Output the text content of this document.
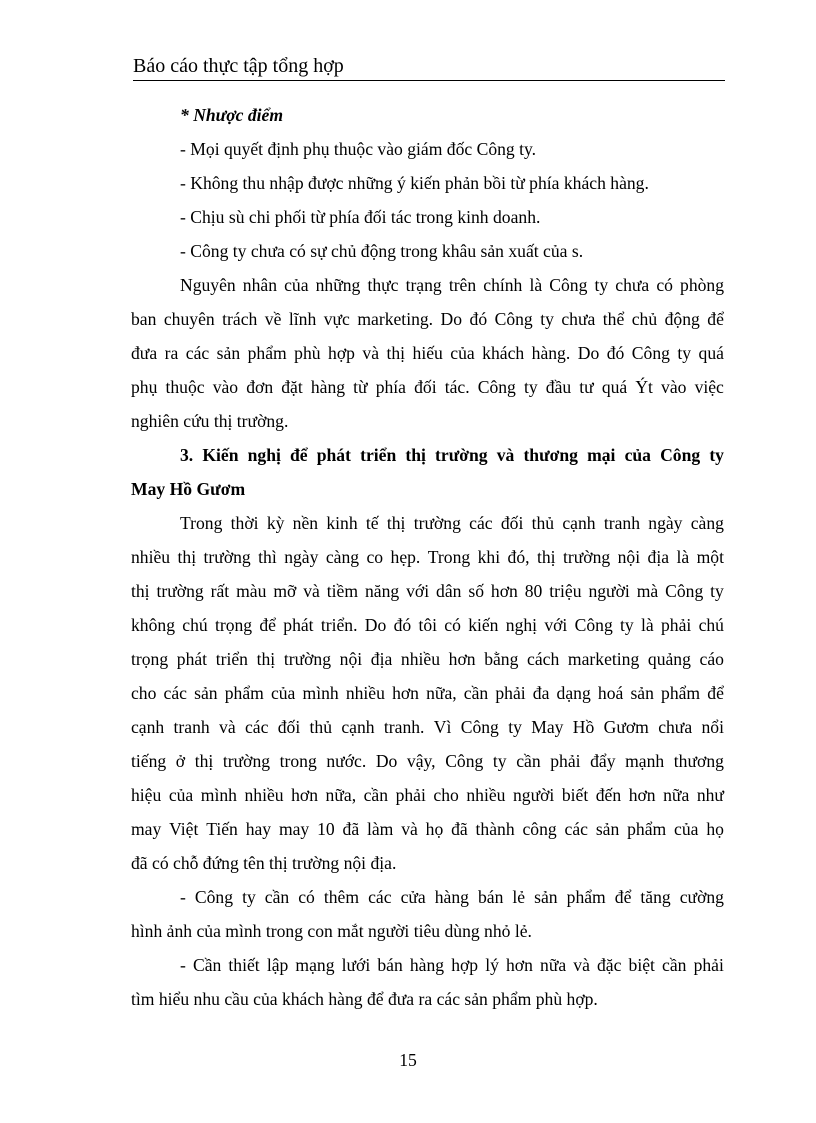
Báo cáo thực tập tổng hợp
* Nhược điểm
- Mọi quyết định phụ thuộc vào giám đốc Công ty.
- Không thu nhập được những ý kiến phản bồi từ phía khách hàng.
- Chịu sù chi phối từ phía đối tác trong kinh doanh.
- Công ty chưa có sự chủ động trong khâu sản xuất của s.
Nguyên nhân của những thực trạng trên chính là Công ty chưa có phòng
ban chuyên trách về lĩnh vực marketing. Do đó Công ty chưa thể chủ động để
đưa ra các sản phẩm phù hợp và thị hiếu của khách hàng. Do đó Công ty quá
phụ thuộc vào đơn đặt hàng từ phía đối tác. Công ty đầu tư quá Ýt vào việc
nghiên cứu thị trường.
3. Kiến nghị để phát triển thị trường và thương mại của Công ty
May Hồ Gươm
Trong thời kỳ nền kinh tế thị trường các đối thủ cạnh tranh ngày càng
nhiều thị trường thì ngày càng co hẹp. Trong khi đó, thị trường nội địa là một
thị trường rất màu mỡ và tiềm năng với dân số hơn 80 triệu người mà Công ty
không chú trọng để phát triển. Do đó tôi có kiến nghị với Công ty là phải chú
trọng phát triển thị trường nội địa nhiều hơn bằng cách marketing quảng cáo
cho các sản phẩm của mình nhiều hơn nữa, cần phải đa dạng hoá sản phẩm để
cạnh tranh và các đối thủ cạnh tranh. Vì Công ty May Hồ Gươm chưa nổi
tiếng ở thị trường trong nước. Do vậy, Công ty cần phải đẩy mạnh thương
hiệu của mình nhiều hơn nữa, cần phải cho nhiều người biết đến hơn nữa như
may Việt Tiến hay may 10 đã làm và họ đã thành công các sản phẩm của họ
đã có chỗ đứng tên thị trường nội địa.
- Công ty cần có thêm các cửa hàng bán lẻ sản phẩm để tăng cường
hình ảnh của mình trong con mắt người tiêu dùng nhỏ lẻ.
- Cần thiết lập mạng lưới bán hàng hợp lý hơn nữa và đặc biệt cần phải
tìm hiểu nhu cầu của khách hàng để đưa ra các sản phẩm phù hợp.
15
